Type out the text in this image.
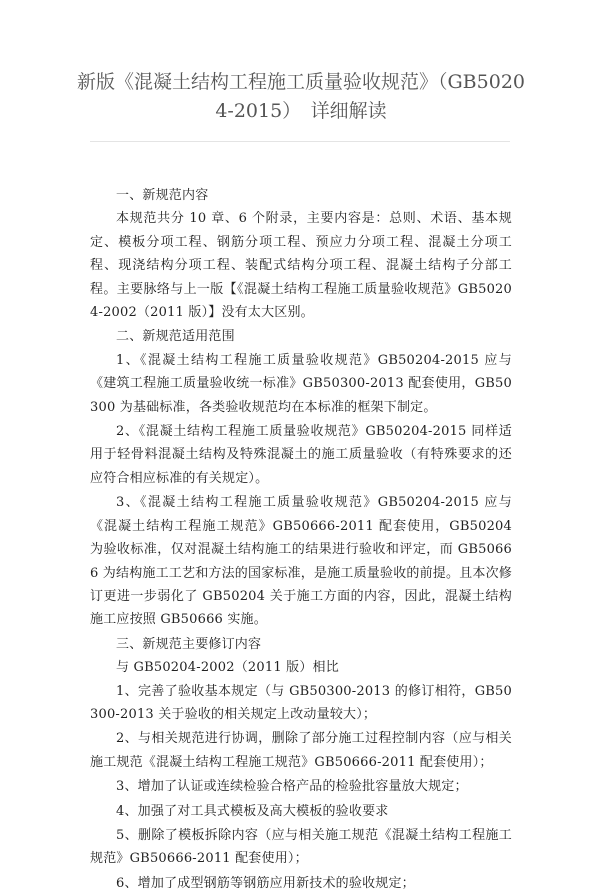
新版《混凝土结构工程施工质量验收规范》（GB5020
4-2015）　详细解读

一、新规范内容

本规范共分 10 章、6 个附录，主要内容是：总则、术语、基本规定、模板分项工程、钢筋分项工程、预应力分项工程、混凝土分项工程、现浇结构分项工程、装配式结构分项工程、混凝土结构子分部工程。主要脉络与上一版【《混凝土结构工程施工质量验收规范》GB50204-2002（2011 版）】没有太大区别。

二、新规范适用范围

1、《混凝土结构工程施工质量验收规范》GB50204-2015 应与《建筑工程施工质量验收统一标准》GB50300-2013 配套使用，GB50300 为基础标准，各类验收规范均在本标准的框架下制定。

2、《混凝土结构工程施工质量验收规范》GB50204-2015 同样适用于轻骨料混凝土结构及特殊混凝土的施工质量验收（有特殊要求的还应符合相应标准的有关规定）。

3、《混凝土结构工程施工质量验收规范》GB50204-2015 应与《混凝土结构工程施工规范》GB50666-2011 配套使用，GB50204 为验收标准，仅对混凝土结构施工的结果进行验收和评定，而 GB50666 为结构施工工艺和方法的国家标准，是施工质量验收的前提。且本次修订更进一步弱化了 GB50204 关于施工方面的内容，因此，混凝土结构施工应按照 GB50666 实施。

三、新规范主要修订内容

与 GB50204-2002（2011 版）相比

1、完善了验收基本规定（与 GB50300-2013 的修订相符，GB50300-2013 关于验收的相关规定上改动量较大）；

2、与相关规范进行协调，删除了部分施工过程控制内容（应与相关施工规范《混凝土结构工程施工规范》GB50666-2011 配套使用）；

3、增加了认证或连续检验合格产品的检验批容量放大规定；

4、加强了对工具式模板及高大模板的验收要求

5、删除了模板拆除内容（应与相关施工规范《混凝土结构工程施工规范》GB50666-2011 配套使用）；

6、增加了成型钢筋等钢筋应用新技术的验收规定；
